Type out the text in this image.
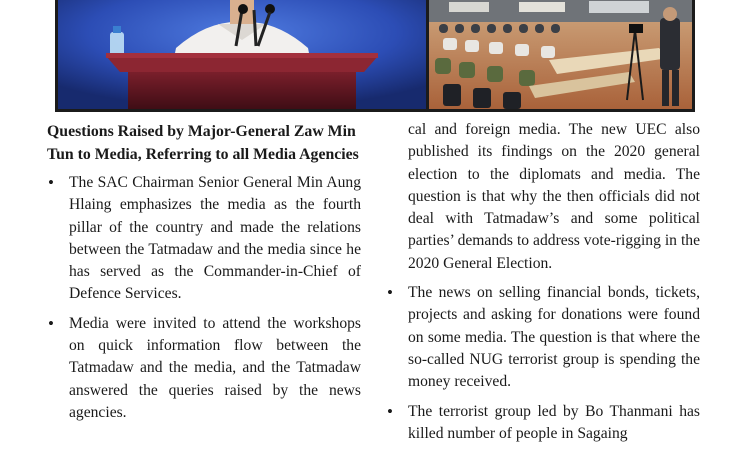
Questions Raised by Major-General Zaw Min Tun to Media, Referring to all Media Agencies
• The SAC Chairman Senior General Min Aung Hlaing emphasizes the media as the fourth pillar of the country and made the relations between the Tatmadaw and the media since he has served as the Commander-in-Chief of Defence Services.
• Media were invited to attend the workshops on quick information flow between the Tatmadaw and the media, and the Tatmadaw answered the queries raised by the news agencies.

cal and foreign media. The new UEC also published its findings on the 2020 general election to the diplomats and media. The question is that why the then officials did not deal with Tatmadaw’s and some political parties’ demands to address vote-rigging in the 2020 General Election.

• The news on selling financial bonds, tickets, projects and asking for donations were found on some media. The question is that where the so-called NUG terrorist group is spending the money received.
• The terrorist group led by Bo Thanmani has killed number of people in Sagaing
